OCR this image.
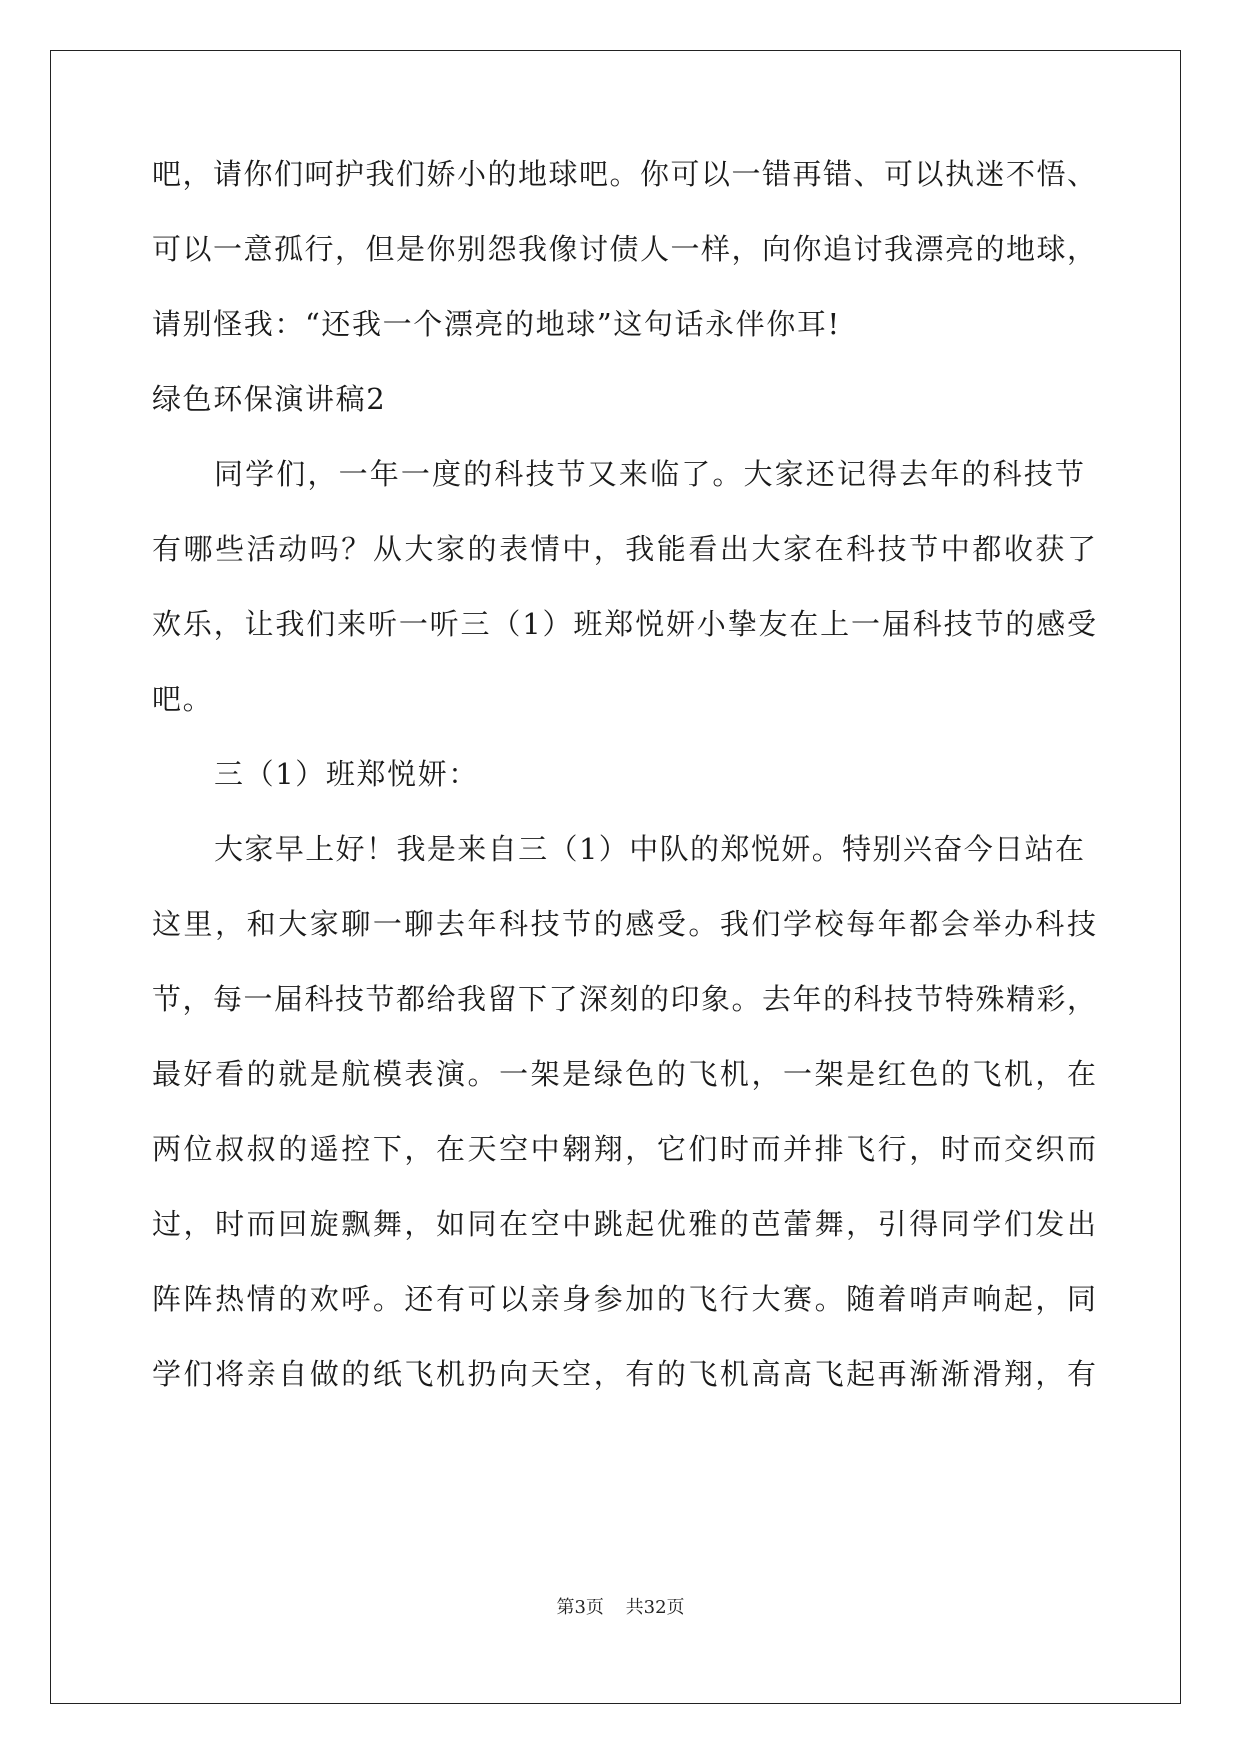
吧，请你们呵护我们娇小的地球吧。你可以一错再错、可以执迷不悟、
可以一意孤行，但是你别怨我像讨债人一样，向你追讨我漂亮的地球，
请别怪我：“还我一个漂亮的地球”这句话永伴你耳!
绿色环保演讲稿2
同学们，一年一度的科技节又来临了。大家还记得去年的科技节
有哪些活动吗？从大家的表情中，我能看出大家在科技节中都收获了
欢乐，让我们来听一听三（1）班郑悦妍小挚友在上一届科技节的感受
吧。
三（1）班郑悦妍：
大家早上好！我是来自三（1）中队的郑悦妍。特别兴奋今日站在
这里，和大家聊一聊去年科技节的感受。我们学校每年都会举办科技
节，每一届科技节都给我留下了深刻的印象。去年的科技节特殊精彩，
最好看的就是航模表演。一架是绿色的飞机，一架是红色的飞机，在
两位叔叔的遥控下，在天空中翱翔，它们时而并排飞行，时而交织而
过，时而回旋飘舞，如同在空中跳起优雅的芭蕾舞，引得同学们发出
阵阵热情的欢呼。还有可以亲身参加的飞行大赛。随着哨声响起，同
学们将亲自做的纸飞机扔向天空，有的飞机高高飞起再渐渐滑翔，有
第3页 共32页
